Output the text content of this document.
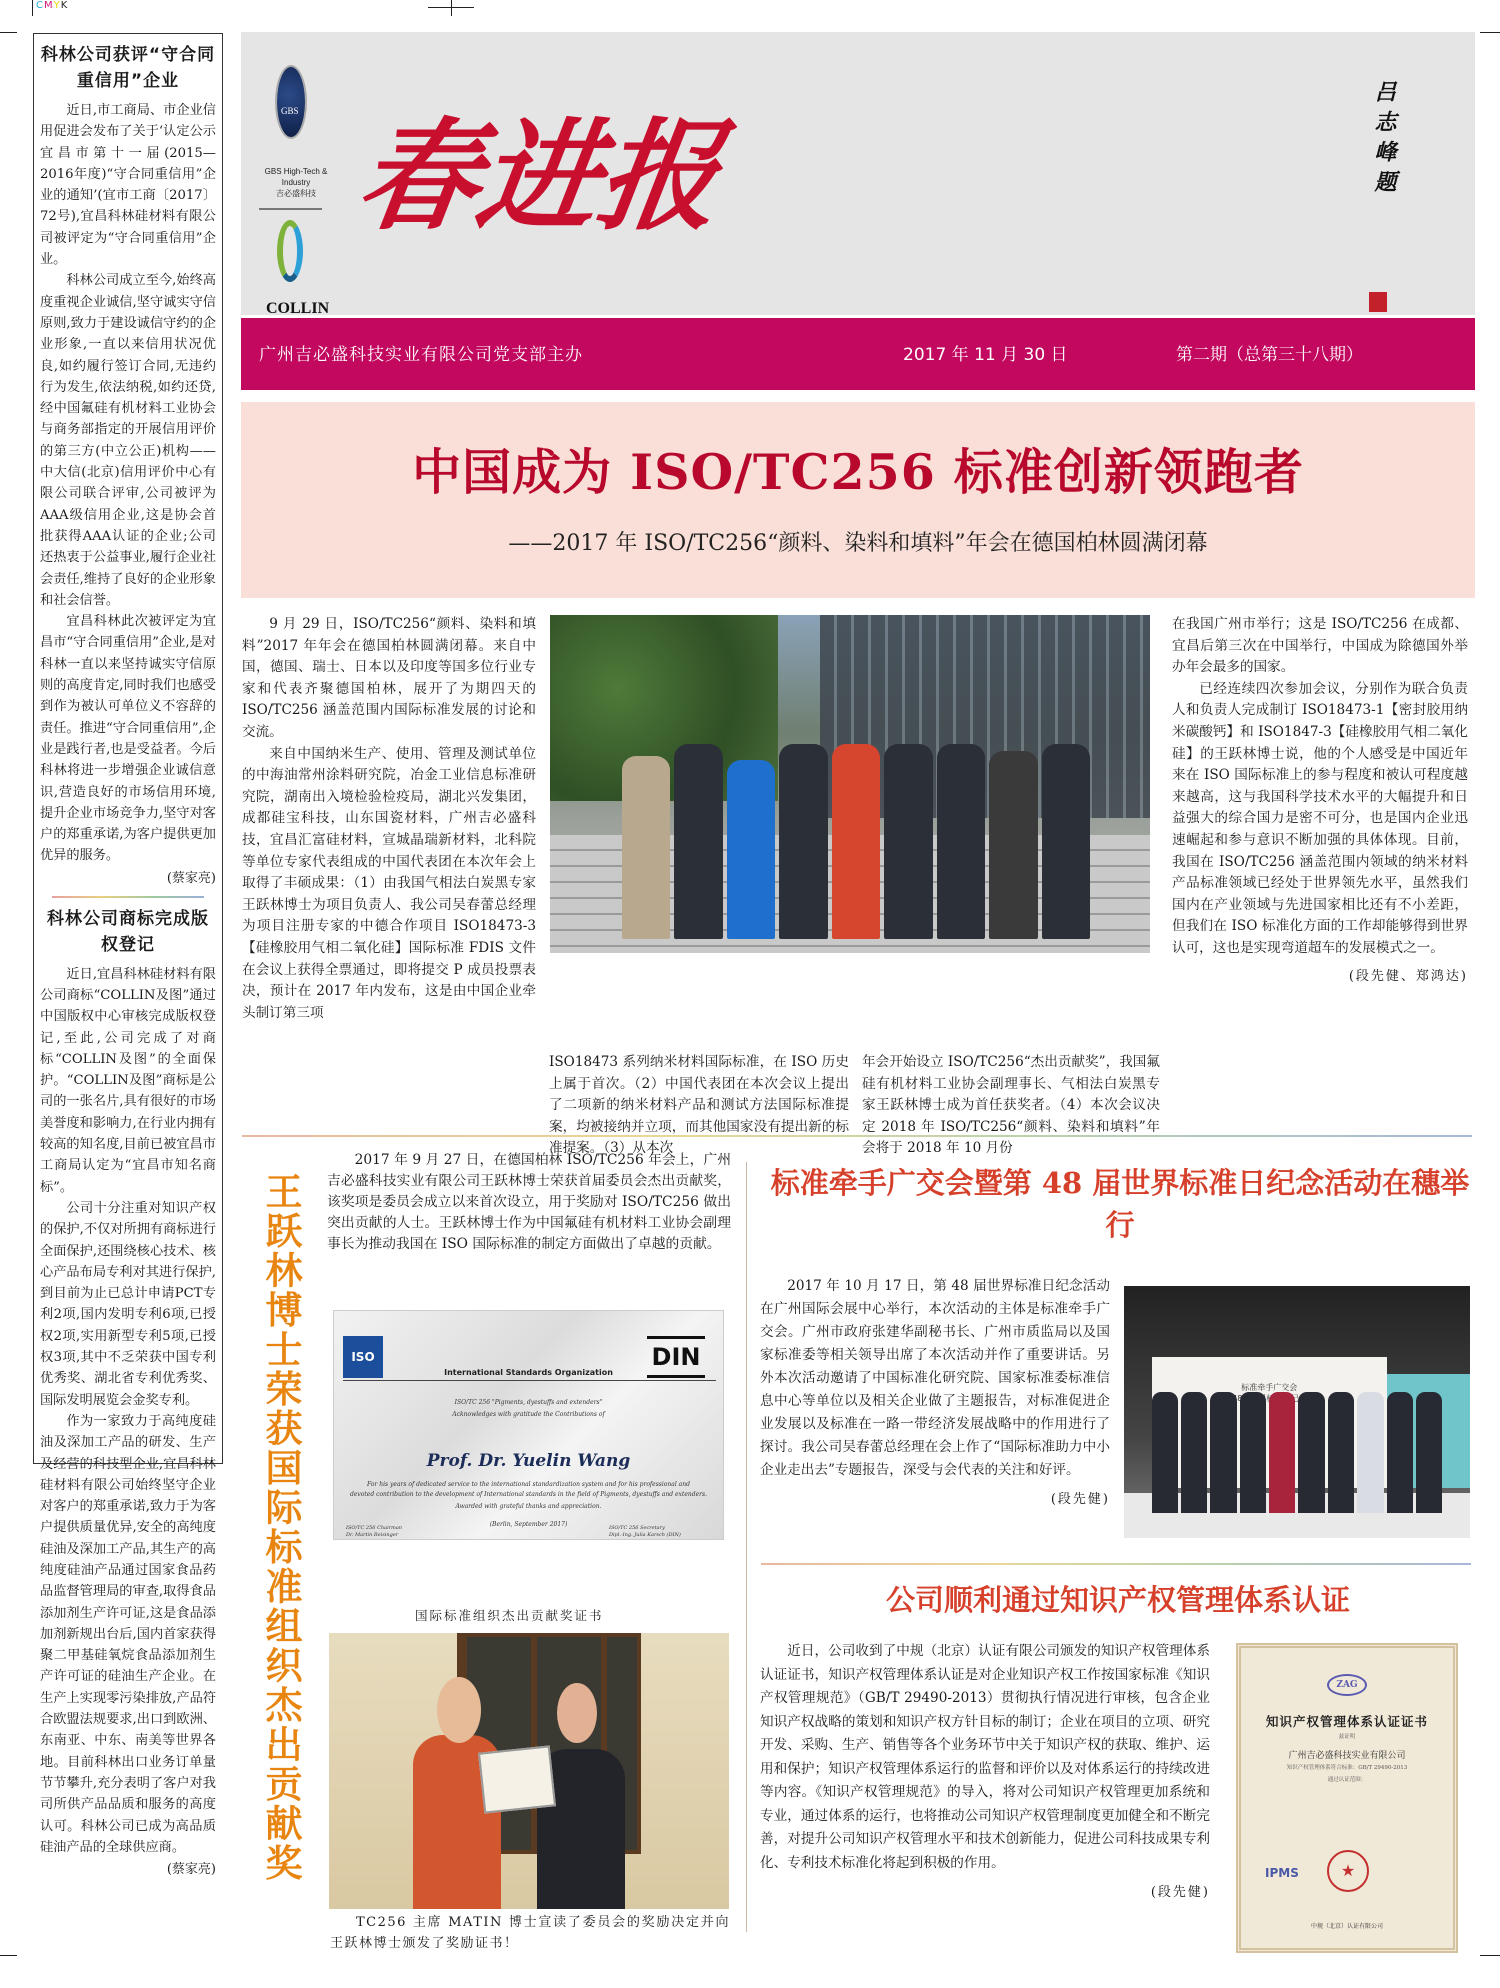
CMYK
科林公司获评“守合同重信用”企业

近日,市工商局、市企业信用促进会发布了关于‘认定公示宜昌市第十一届(2015—2016年度)“守合同重信用”企业的通知’(宜市工商〔2017〕72号),宜昌科林硅材料有限公司被评定为“守合同重信用”企业。

科林公司成立至今,始终高度重视企业诚信,坚守诚实守信原则,致力于建设诚信守约的企业形象,一直以来信用状况优良,如约履行签订合同,无违约行为发生,依法纳税,如约还贷,经中国氟硅有机材料工业协会与商务部指定的开展信用评价的第三方(中立公正)机构——中大信(北京)信用评价中心有限公司联合评审,公司被评为AAA级信用企业,这是协会首批获得AAA认证的企业;公司还热衷于公益事业,履行企业社会责任,维持了良好的企业形象和社会信誉。

宜昌科林此次被评定为宜昌市“守合同重信用”企业,是对科林一直以来坚持诚实守信原则的高度肯定,同时我们也感受到作为被认可单位义不容辞的责任。推进“守合同重信用”,企业是践行者,也是受益者。今后科林将进一步增强企业诚信意识,营造良好的市场信用环境,提升企业市场竞争力,坚守对客户的郑重承诺,为客户提供更加优异的服务。

(蔡家亮)
科林公司商标完成版权登记

近日,宜昌科林硅材料有限公司商标“COLLIN及图”通过中国版权中心审核完成版权登记,至此,公司完成了对商标“COLLIN及图”的全面保护。“COLLIN及图”商标是公司的一张名片,具有很好的市场美誉度和影响力,在行业内拥有较高的知名度,目前已被宜昌市工商局认定为“宜昌市知名商标”。

公司十分注重对知识产权的保护,不仅对所拥有商标进行全面保护,还围绕核心技术、核心产品布局专利对其进行保护,到目前为止已总计申请PCT专利2项,国内发明专利6项,已授权2项,实用新型专利5项,已授权3项,其中不乏荣获中国专利优秀奖、湖北省专利优秀奖、国际发明展览会金奖专利。

作为一家致力于高纯度硅油及深加工产品的研发、生产及经营的科技型企业,宜昌科林硅材料有限公司始终坚守企业对客户的郑重承诺,致力于为客户提供质量优异,安全的高纯度硅油及深加工产品,其生产的高纯度硅油产品通过国家食品药品监督管理局的审查,取得食品添加剂生产许可证,这是食品添加剂新规出台后,国内首家获得聚二甲基硅氧烷食品添加剂生产许可证的硅油生产企业。在生产上实现零污染排放,产品符合欧盟法规要求,出口到欧洲、东南亚、中东、南美等世界各地。目前科林出口业务订单量节节攀升,充分表明了客户对我司所供产品品质和服务的高度认可。科林公司已成为高品质硅油产品的全球供应商。

(蔡家亮)
GBS
GBS High-Tech & Industry
吉必盛科技
COLLIN
春
进
报	吕志峰题
广州吉必盛科技实业有限公司党支部主办	2017 年 11 月 30 日	第二期（总第三十八期）
中国成为 ISO/TC256 标准创新领跑者
——2017 年 ISO/TC256“颜料、染料和填料”年会在德国柏林圆满闭幕

9 月 29 日，ISO/TC256“颜料、染料和填料”2017 年年会在德国柏林圆满闭幕。来自中国，德国、瑞士、日本以及印度等国多位行业专家和代表齐聚德国柏林，展开了为期四天的 ISO/TC256 涵盖范围内国际标准发展的讨论和交流。

来自中国纳米生产、使用、管理及测试单位的中海油常州涂料研究院，冶金工业信息标准研究院，湖南出入境检验检疫局，湖北兴发集团，成都硅宝科技，山东国瓷材料，广州吉必盛科技，宜昌汇富硅材料，宣城晶瑞新材料，北科院等单位专家代表组成的中国代表团在本次年会上取得了丰硕成果：（1）由我国气相法白炭黑专家王跃林博士为项目负责人、我公司吴春蕾总经理为项目注册专家的中德合作项目 ISO18473-3【硅橡胶用气相二氧化硅】国际标准 FDIS 文件在会议上获得全票通过，即将提交 P 成员投票表决，预计在 2017 年内发布，这是由中国企业牵头制订第三项

ISO18473 系列纳米材料国际标准，在 ISO 历史上属于首次。（2）中国代表团在本次会议上提出了二项新的纳米材料产品和测试方法国际标准提案，均被接纳并立项，而其他国家没有提出新的标准提案。（3）从本次
年会开始设立 ISO/TC256“杰出贡献奖”，我国氟硅有机材料工业协会副理事长、气相法白炭黑专家王跃林博士成为首任获奖者。（4）本次会议决定 2018 年 ISO/TC256“颜料、染料和填料”年会将于 2018 年 10 月份
在我国广州市举行；这是 ISO/TC256 在成都、宜昌后第三次在中国举行，中国成为除德国外举办年会最多的国家。

已经连续四次参加会议，分别作为联合负责人和负责人完成制订 ISO18473-1【密封胶用纳米碳酸钙】和 ISO1847-3【硅橡胶用气相二氧化硅】的王跃林博士说，他的个人感受是中国近年来在 ISO 国际标准上的参与程度和被认可程度越来越高，这与我国科学技术水平的大幅提升和日益强大的综合国力是密不可分，也是国内企业迅速崛起和参与意识不断加强的具体体现。目前，我国在 ISO/TC256 涵盖范围内领域的纳米材料产品标准领域已经处于世界领先水平，虽然我们国内在产业领域与先进国家相比还有不小差距，但我们在 ISO 标准化方面的工作却能够得到世界认可，这也是实现弯道超车的发展模式之一。

(段先健、郑鸿达)
王跃林博士荣获国际标准组织杰出贡献奖

2017 年 9 月 27 日，在德国柏林 ISO/TC256 年会上，广州吉必盛科技实业有限公司王跃林博士荣获首届委员会杰出贡献奖，该奖项是委员会成立以来首次设立，用于奖励对 ISO/TC256 做出突出贡献的人士。王跃林博士作为中国氟硅有机材料工业协会副理事长为推动我国在 ISO 国际标准的制定方面做出了卓越的贡献。

ISO	DIN
International Standards Organization
ISO/TC 256 "Pigments, dyestuffs and extenders"
Acknowledges with gratitude the Contributions of
Prof. Dr. Yuelin Wang
For his years of dedicated service to the international standardization system and for his professional and
devoted contribution to the development of International standards in the field of Pigments, dyestuffs and extenders.
Awarded with grateful thanks and appreciation.
(Berlin, September 2017)
ISO/TC 256 Chairman
Dr. Martin Reisinger
ISO/TC 256 Secretary
Dipl.-Ing. Julia Karsch (DIN)
国际标准组织杰出贡献奖证书

TC256 主席 MATIN 博士宣读了委员会的奖励决定并向王跃林博士颁发了奖励证书！

标准牵手广交会暨第 48 届世界标准日纪念活动在穗举行

2017 年 10 月 17 日，第 48 届世界标准日纪念活动在广州国际会展中心举行，本次活动的主体是标准牵手广交会。广州市政府张建华副秘书长、广州市质监局以及国家标准委等相关领导出席了本次活动并作了重要讲话。另外本次活动邀请了中国标准化研究院、国家标准委标准信息中心等单位以及相关企业做了主题报告，对标准促进企业发展以及标准在一路一带经济发展战略中的作用进行了探讨。我公司吴春蕾总经理在会上作了“国际标准助力中小企业走出去”专题报告，深受与会代表的关注和好评。

(段先健)
标准牵手广交会
公司顺利通过知识产权管理体系认证

近日，公司收到了中规（北京）认证有限公司颁发的知识产权管理体系认证证书，知识产权管理体系认证是对企业知识产权工作按国家标准《知识产权管理规范》（GB/T 29490-2013）贯彻执行情况进行审核，包含企业知识产权战略的策划和知识产权方针目标的制订；企业在项目的立项、研究开发、采购、生产、销售等各个业务环节中关于知识产权的获取、维护、运用和保护；知识产权管理体系运行的监督和评价以及对体系运行的持续改进等内容。《知识产权管理规范》的导入，将对公司知识产权管理更加系统和专业，通过体系的运行，也将推动公司知识产权管理制度更加健全和不断完善，对提升公司知识产权管理水平和技术创新能力，促进公司科技成果专利化、专利技术标准化将起到积极的作用。

(段先健)
ZAG
知识产权管理体系认证证书
兹证明
广州吉必盛科技实业有限公司
知识产权管理体系符合标准：GB/T 29490-2013
通过认证范围：
IPMS	★
中规（北京）认证有限公司
